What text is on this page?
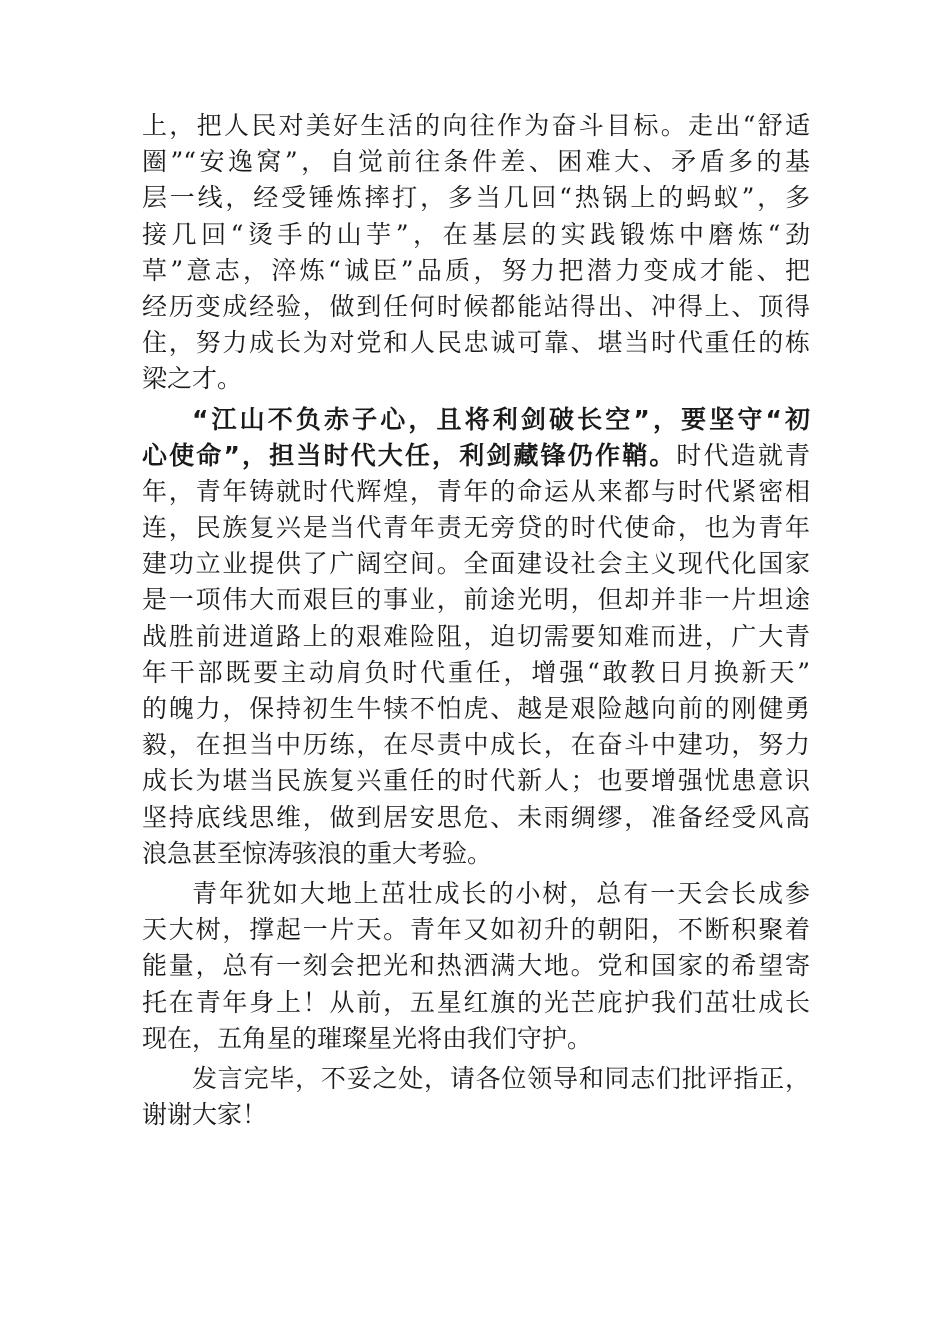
上，把人民对美好生活的向往作为奋斗目标。走出“舒适
圈”“安逸窝”，自觉前往条件差、困难大、矛盾多的基
层一线，经受锤炼摔打，多当几回“热锅上的蚂蚁”，多
接几回“烫手的山芋”，在基层的实践锻炼中磨炼“劲
草”意志，淬炼“诚臣”品质，努力把潜力变成才能、把
经历变成经验，做到任何时候都能站得出、冲得上、顶得
住，努力成长为对党和人民忠诚可靠、堪当时代重任的栋
梁之才。
“江山不负赤子心，且将利剑破长空”，要坚守“初
心使命”，担当时代大任，利剑藏锋仍作鞘。时代造就青
年，青年铸就时代辉煌，青年的命运从来都与时代紧密相
连，民族复兴是当代青年责无旁贷的时代使命，也为青年
建功立业提供了广阔空间。全面建设社会主义现代化国家
是一项伟大而艰巨的事业，前途光明，但却并非一片坦途
战胜前进道路上的艰难险阻，迫切需要知难而进，广大青
年干部既要主动肩负时代重任，增强“敢教日月换新天”
的魄力，保持初生牛犊不怕虎、越是艰险越向前的刚健勇
毅，在担当中历练，在尽责中成长，在奋斗中建功，努力
成长为堪当民族复兴重任的时代新人；也要增强忧患意识
坚持底线思维，做到居安思危、未雨绸缪，准备经受风高
浪急甚至惊涛骇浪的重大考验。
青年犹如大地上茁壮成长的小树，总有一天会长成参
天大树，撑起一片天。青年又如初升的朝阳，不断积聚着
能量，总有一刻会把光和热洒满大地。党和国家的希望寄
托在青年身上！从前，五星红旗的光芒庇护我们茁壮成长
现在，五角星的璀璨星光将由我们守护。
发言完毕，不妥之处，请各位领导和同志们批评指正，
谢谢大家！
